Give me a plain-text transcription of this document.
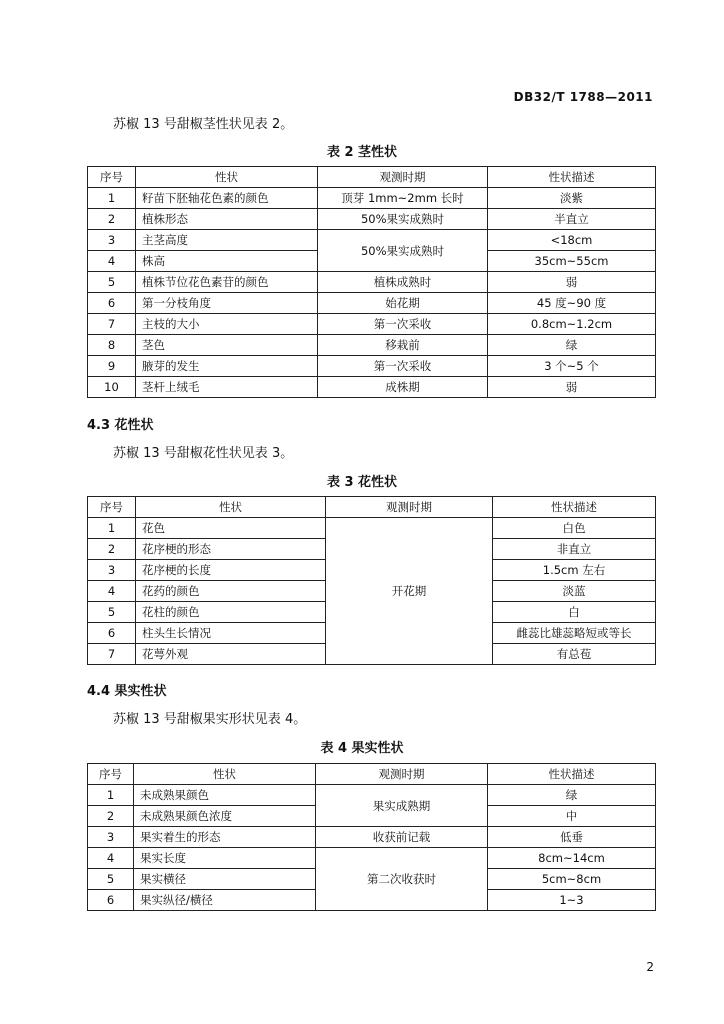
DB32/T 1788—2011
苏椒 13 号甜椒茎性状见表 2。
表 2 茎性状
序号	性状	观测时期	性状描述
1	籽苗下胚轴花色素的颜色	顶芽 1mm~2mm 长时	淡紫
2	植株形态	50%果实成熟时	半直立
3	主茎高度	50%果实成熟时	<18cm
4	株高		35cm~55cm
5	植株节位花色素苷的颜色	植株成熟时	弱
6	第一分枝角度	始花期	45 度~90 度
7	主枝的大小	第一次采收	0.8cm~1.2cm
8	茎色	移栽前	绿
9	腋芽的发生	第一次采收	3 个~5 个
10	茎杆上绒毛	成株期	弱
4.3 花性状
苏椒 13 号甜椒花性状见表 3。
表 3 花性状
序号	性状	观测时期	性状描述
1	花色	开花期	白色
2	花序梗的形态		非直立
3	花序梗的长度		1.5cm 左右
4	花药的颜色		淡蓝
5	花柱的颜色		白
6	柱头生长情况		雌蕊比雄蕊略短或等长
7	花萼外观		有总苞
4.4 果实性状
苏椒 13 号甜椒果实形状见表 4。
表 4 果实性状
序号	性状	观测时期	性状描述
1	未成熟果颜色	果实成熟期	绿
2	未成熟果颜色浓度		中
3	果实着生的形态	收获前记载	低垂
4	果实长度	第二次收获时	8cm~14cm
5	果实横径		5cm~8cm
6	果实纵径/横径		1~3
2
